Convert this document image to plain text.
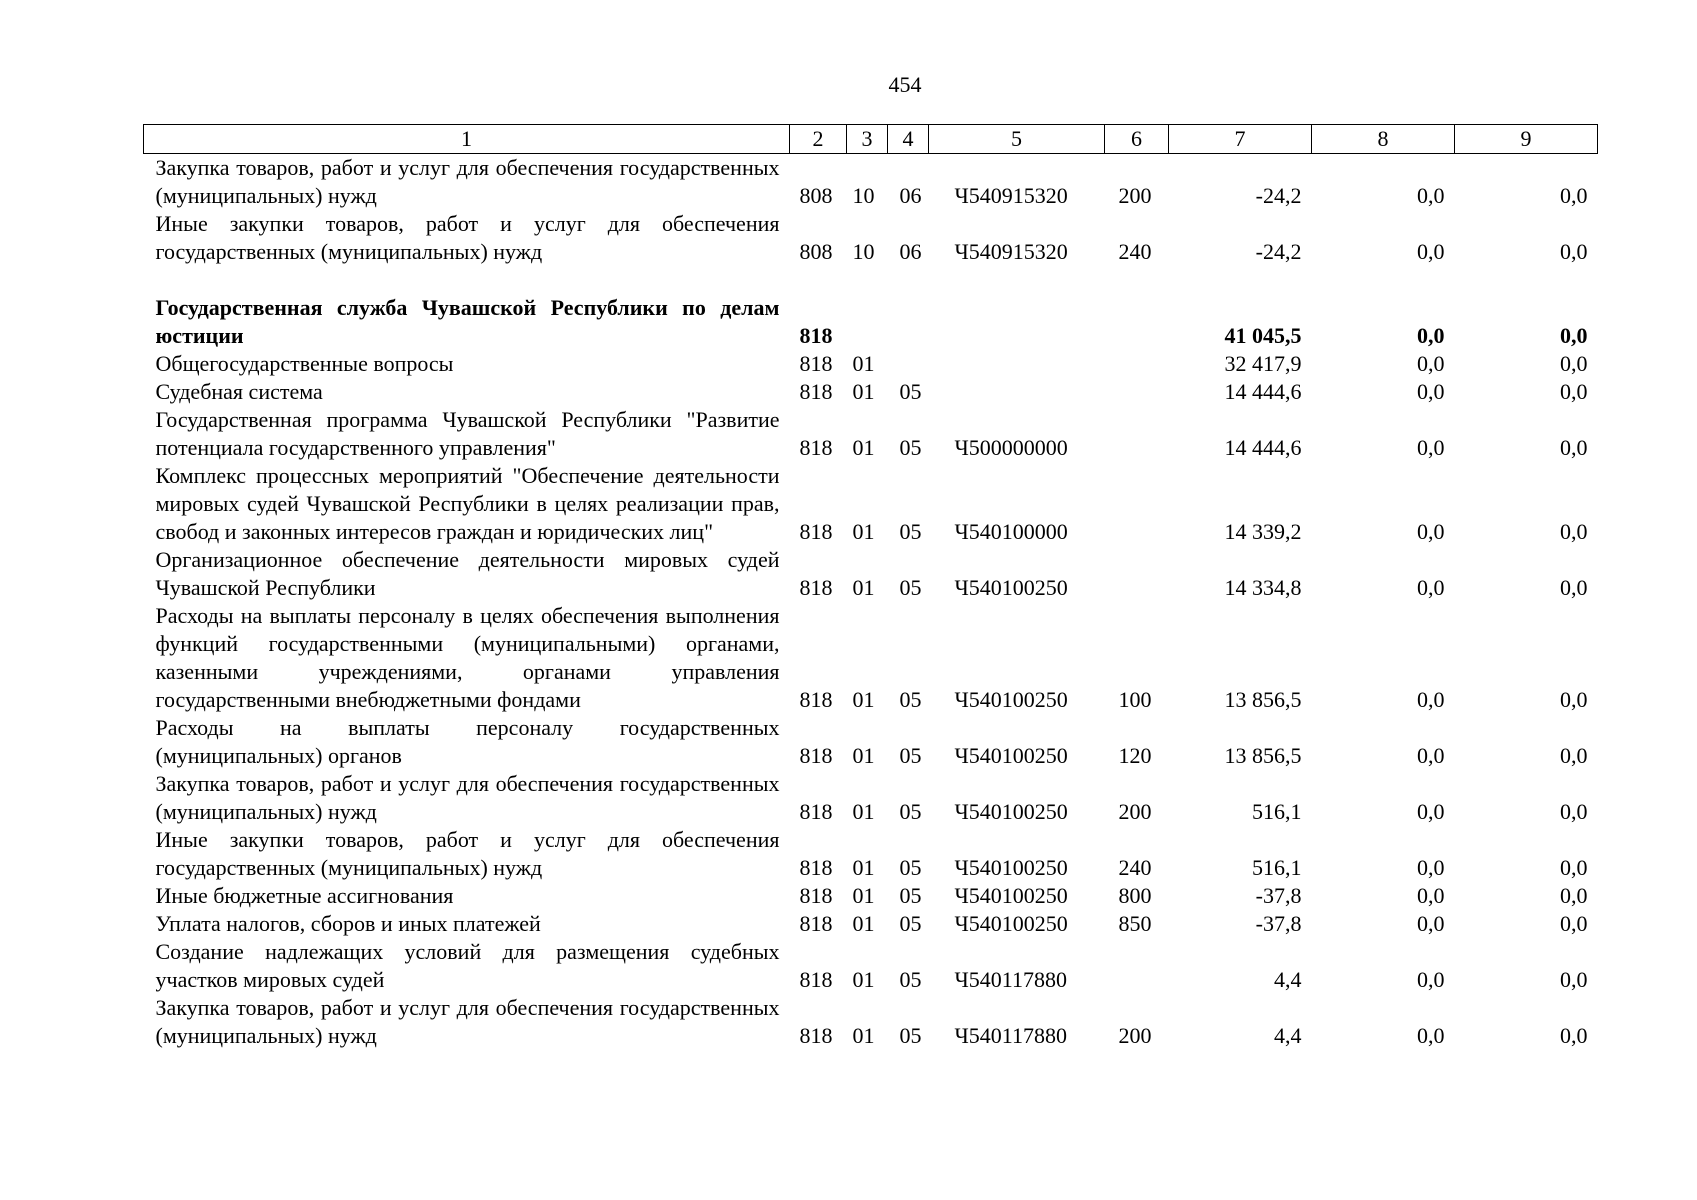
454
1	2	3	4	5	6	7	8	9
Закупка товаров, работ и услуг для обеспечения государственных (муниципальных) нужд	808	10	06	Ч540915320	200	-24,2	0,0	0,0
Иные закупки товаров, работ и услуг для обеспечения государственных (муниципальных) нужд	808	10	06	Ч540915320	240	-24,2	0,0	0,0

Государственная служба Чувашской Республики по делам юстиции	818					41 045,5	0,0	0,0
Общегосударственные вопросы	818	01				32 417,9	0,0	0,0
Судебная система	818	01	05			14 444,6	0,0	0,0
Государственная программа Чувашской Республики "Развитие потенциала государственного управления"	818	01	05	Ч500000000		14 444,6	0,0	0,0
Комплекс процессных мероприятий "Обеспечение деятельности мировых судей Чувашской Республики в целях реализации прав, свобод и законных интересов граждан и юридических лиц"	818	01	05	Ч540100000		14 339,2	0,0	0,0
Организационное обеспечение деятельности мировых судей Чувашской Республики	818	01	05	Ч540100250		14 334,8	0,0	0,0
Расходы на выплаты персоналу в целях обеспечения выполнения функций государственными (муниципальными) органами, казенными учреждениями, органами управления государственными внебюджетными фондами	818	01	05	Ч540100250	100	13 856,5	0,0	0,0
Расходы на выплаты персоналу государственных (муниципальных) органов	818	01	05	Ч540100250	120	13 856,5	0,0	0,0
Закупка товаров, работ и услуг для обеспечения государственных (муниципальных) нужд	818	01	05	Ч540100250	200	516,1	0,0	0,0
Иные закупки товаров, работ и услуг для обеспечения государственных (муниципальных) нужд	818	01	05	Ч540100250	240	516,1	0,0	0,0
Иные бюджетные ассигнования	818	01	05	Ч540100250	800	-37,8	0,0	0,0
Уплата налогов, сборов и иных платежей	818	01	05	Ч540100250	850	-37,8	0,0	0,0
Создание надлежащих условий для размещения судебных участков мировых судей	818	01	05	Ч540117880		4,4	0,0	0,0
Закупка товаров, работ и услуг для обеспечения государственных (муниципальных) нужд	818	01	05	Ч540117880	200	4,4	0,0	0,0
